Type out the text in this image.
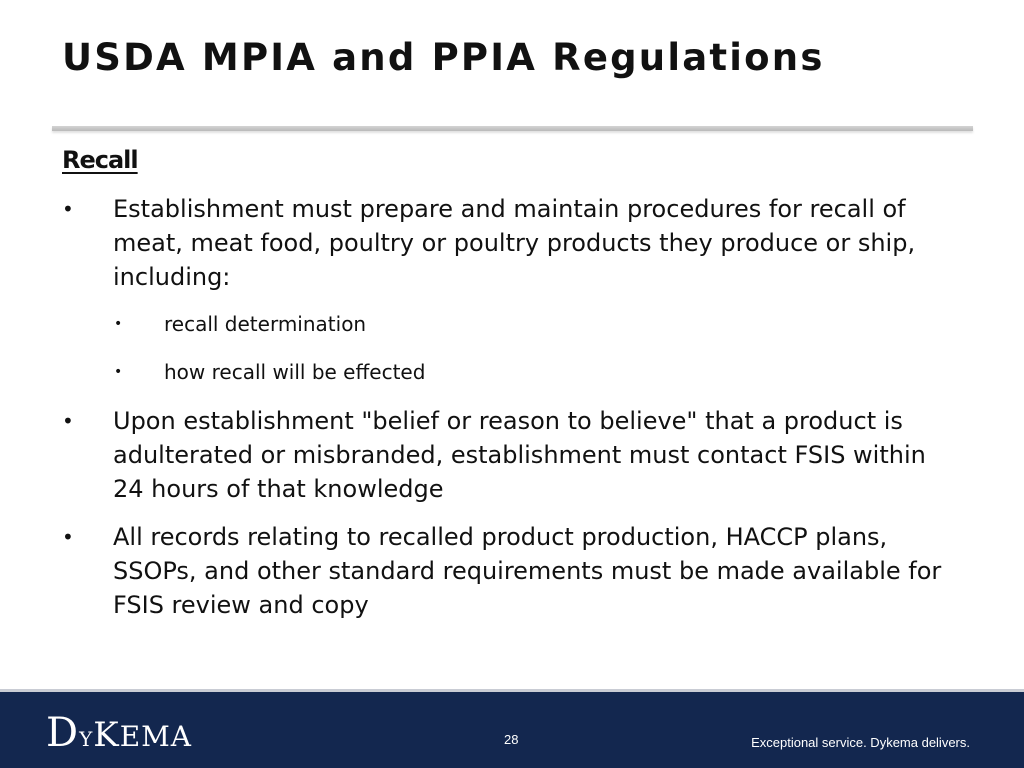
USDA MPIA and PPIA Regulations
Recall
• Establishment must prepare and maintain procedures for recall of meat, meat food, poultry or poultry products they produce or ship, including:
• recall determination
• how recall will be effected
• Upon establishment "belief or reason to believe" that a product is adulterated or misbranded, establishment must contact FSIS within 24 hours of that knowledge
• All records relating to recalled product production, HACCP plans, SSOPs, and other standard requirements must be made available for FSIS review and copy
DyKEMA	28	Exceptional service. Dykema delivers.
